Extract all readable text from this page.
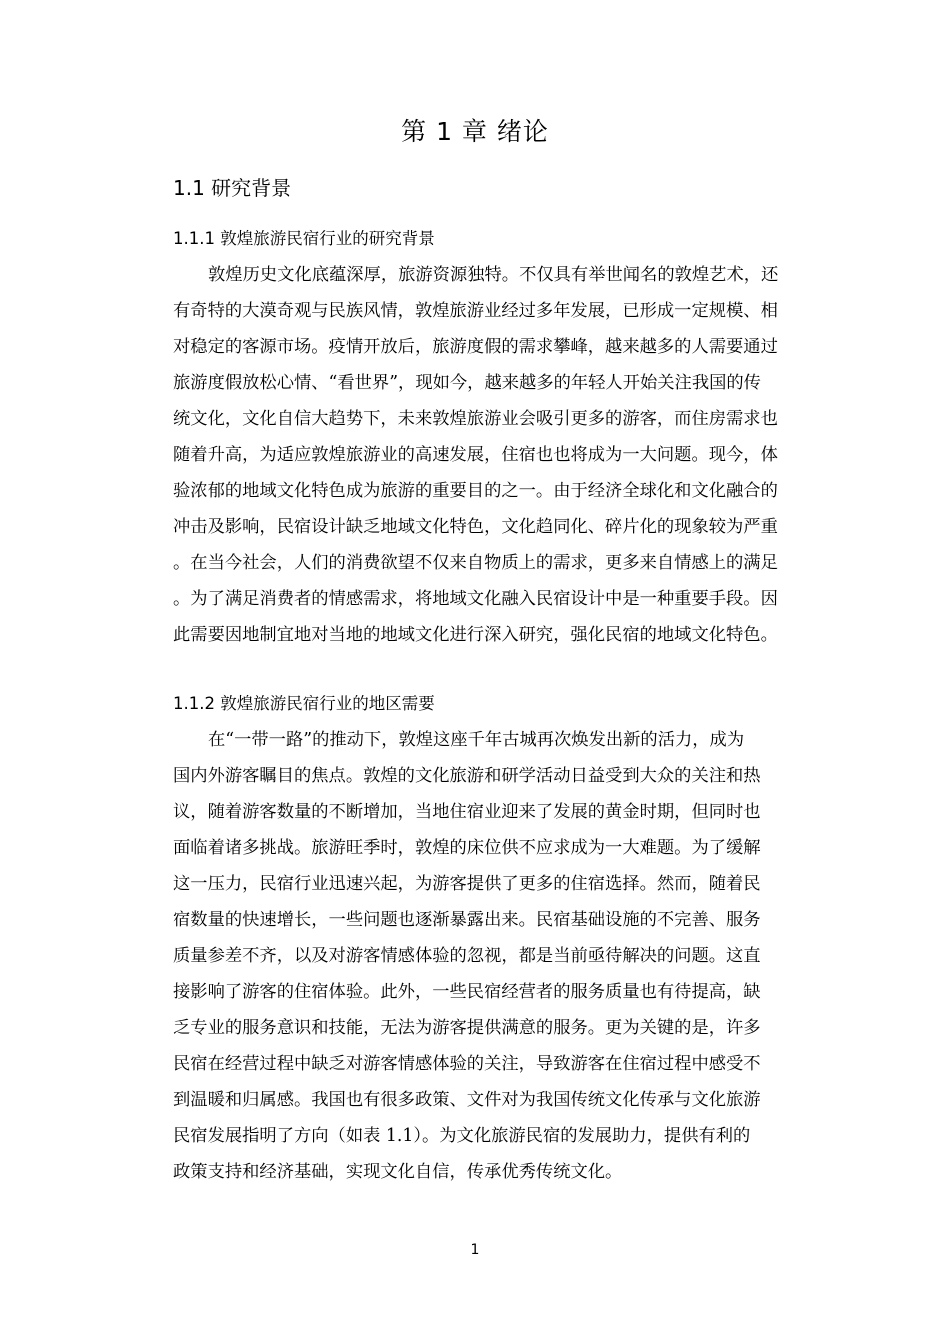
第 1 章 绪论
1.1 研究背景
1.1.1 敦煌旅游民宿行业的研究背景
敦煌历史文化底蕴深厚，旅游资源独特。不仅具有举世闻名的敦煌艺术，还
有奇特的大漠奇观与民族风情，敦煌旅游业经过多年发展，已形成一定规模、相
对稳定的客源市场。疫情开放后，旅游度假的需求攀峰，越来越多的人需要通过
旅游度假放松心情、“看世界”，现如今，越来越多的年轻人开始关注我国的传
统文化，文化自信大趋势下，未来敦煌旅游业会吸引更多的游客，而住房需求也
随着升高，为适应敦煌旅游业的高速发展，住宿也也将成为一大问题。现今，体
验浓郁的地域文化特色成为旅游的重要目的之一。由于经济全球化和文化融合的
冲击及影响，民宿设计缺乏地域文化特色，文化趋同化、碎片化的现象较为严重
。在当今社会，人们的消费欲望不仅来自物质上的需求，更多来自情感上的满足
。为了满足消费者的情感需求，将地域文化融入民宿设计中是一种重要手段。因
此需要因地制宜地对当地的地域文化进行深入研究，强化民宿的地域文化特色。
1.1.2 敦煌旅游民宿行业的地区需要
在“一带一路”的推动下，敦煌这座千年古城再次焕发出新的活力，成为
国内外游客瞩目的焦点。敦煌的文化旅游和研学活动日益受到大众的关注和热
议，随着游客数量的不断增加，当地住宿业迎来了发展的黄金时期，但同时也
面临着诸多挑战。旅游旺季时，敦煌的床位供不应求成为一大难题。为了缓解
这一压力，民宿行业迅速兴起，为游客提供了更多的住宿选择。然而，随着民
宿数量的快速增长，一些问题也逐渐暴露出来。民宿基础设施的不完善、服务
质量参差不齐，以及对游客情感体验的忽视，都是当前亟待解决的问题。这直
接影响了游客的住宿体验。此外，一些民宿经营者的服务质量也有待提高，缺
乏专业的服务意识和技能，无法为游客提供满意的服务。更为关键的是，许多
民宿在经营过程中缺乏对游客情感体验的关注，导致游客在住宿过程中感受不
到温暖和归属感。我国也有很多政策、文件对为我国传统文化传承与文化旅游
民宿发展指明了方向（如表 1.1）。为文化旅游民宿的发展助力，提供有利的
政策支持和经济基础，实现文化自信，传承优秀传统文化。
1
